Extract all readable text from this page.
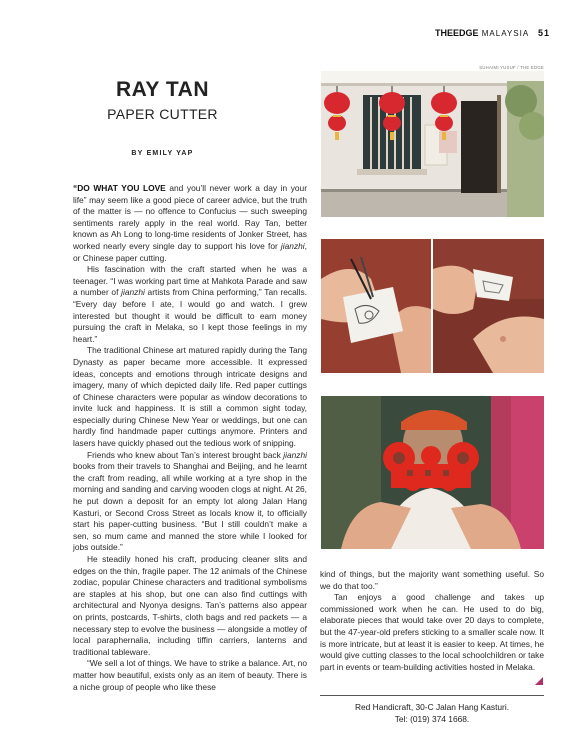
THEEDGE MALAYSIA 51
RAY TAN
PAPER CUTTER
BY EMILY YAP

“DO WHAT YOU LOVE and you’ll never work a day in your life” may seem like a good piece of career advice, but the truth of the matter is — no offence to Confucius — such sweeping sentiments rarely apply in the real world. Ray Tan, better known as Ah Long to long-time residents of Jonker Street, has worked nearly every single day to support his love for jianzhi, or Chinese paper cutting.

His fascination with the craft started when he was a teenager. “I was working part time at Mahkota Parade and saw a number of jianzhi artists from China performing,” Tan recalls. “Every day before I ate, I would go and watch. I grew interested but thought it would be difficult to earn money pursuing the craft in Melaka, so I kept those feelings in my heart.”

The traditional Chinese art matured rapidly during the Tang Dynasty as paper became more accessible. It expressed ideas, concepts and emotions through intricate designs and imagery, many of which depicted daily life. Red paper cuttings of Chinese characters were popular as window decorations to invite luck and happiness. It is still a common sight today, especially during Chinese New Year or weddings, but one can hardly find handmade paper cuttings anymore. Printers and lasers have quickly phased out the tedious work of snipping.

Friends who knew about Tan’s interest brought back jianzhi books from their travels to Shanghai and Beijing, and he learnt the craft from reading, all while working at a tyre shop in the morning and sanding and carving wooden clogs at night. At 26, he put down a deposit for an empty lot along Jalan Hang Kasturi, or Second Cross Street as locals know it, to officially start his paper-cutting business. “But I still couldn’t make a sen, so mum came and manned the store while I looked for jobs outside.”

He steadily honed his craft, producing cleaner slits and edges on the thin, fragile paper. The 12 animals of the Chinese zodiac, popular Chinese characters and traditional symbolisms are staples at his shop, but one can also find cuttings with architectural and Nyonya designs. Tan’s patterns also appear on prints, postcards, T-shirts, cloth bags and red packets — a necessary step to evolve the business — alongside a motley of local paraphernalia, including tiffin carriers, lanterns and traditional tableware.

“We sell a lot of things. We have to strike a balance. Art, no matter how beautiful, exists only as an item of beauty. There is a niche group of people who like these

kind of things, but the majority want something useful. So we do that too.”

Tan enjoys a good challenge and takes up commissioned work when he can. He used to do big, elaborate pieces that would take over 20 days to complete, but the 47-year-old prefers sticking to a smaller scale now. It is more intricate, but at least it is easier to keep. At times, he would give cutting classes to the local schoolchildren or take part in events or team-building activities hosted in Melaka.

SUHAIMI YUSUF / THE EDGE
Red Handicraft, 30-C Jalan Hang Kasturi.
Tel: (019) 374 1668.
